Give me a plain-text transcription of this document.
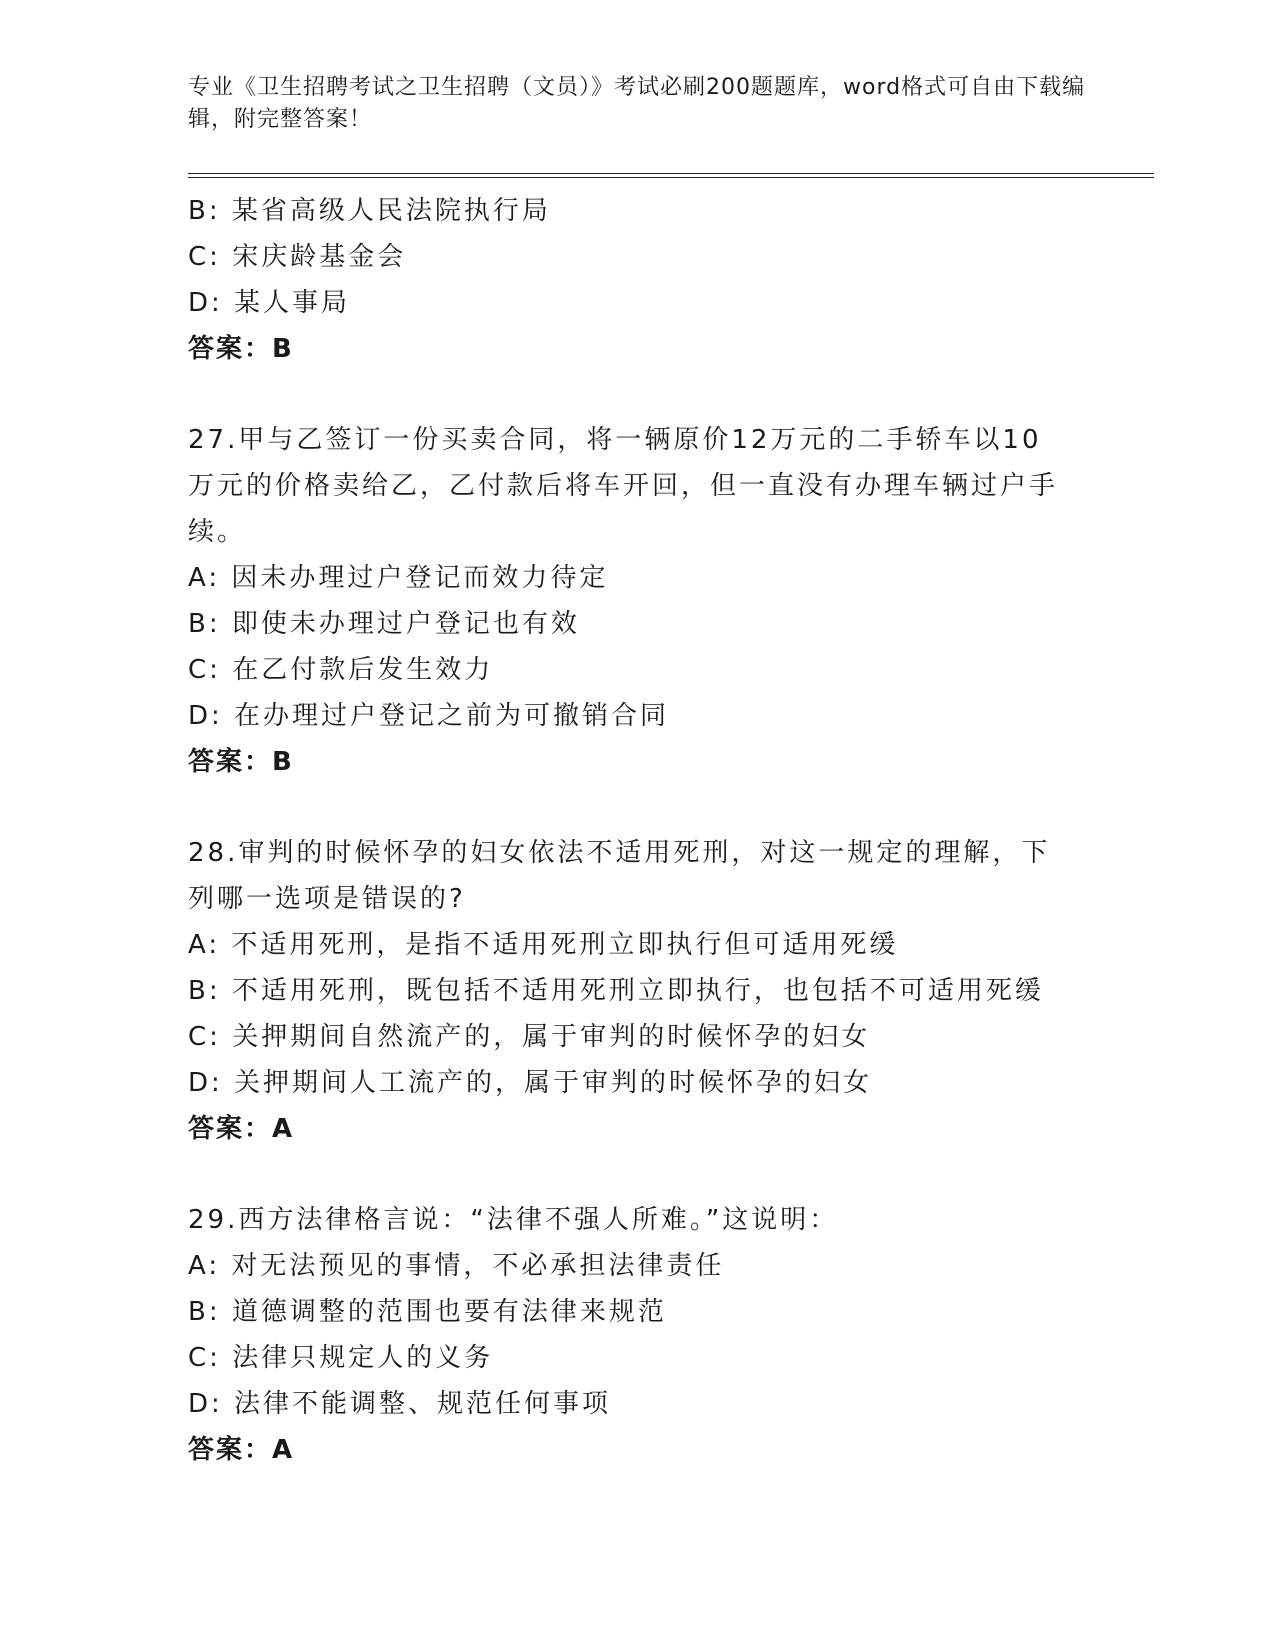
专业《卫生招聘考试之卫生招聘（文员）》考试必刷200题题库，word格式可自由下载编辑，附完整答案！
B: 某省高级人民法院执行局
C: 宋庆龄基金会
D: 某人事局
答案：B
27.甲与乙签订一份买卖合同，将一辆原价12万元的二手轿车以10万元的价格卖给乙，乙付款后将车开回，但一直没有办理车辆过户手续。
A: 因未办理过户登记而效力待定
B: 即使未办理过户登记也有效
C: 在乙付款后发生效力
D: 在办理过户登记之前为可撤销合同
答案：B
28.审判的时候怀孕的妇女依法不适用死刑，对这一规定的理解，下列哪一选项是错误的?
A: 不适用死刑，是指不适用死刑立即执行但可适用死缓
B: 不适用死刑，既包括不适用死刑立即执行，也包括不可适用死缓
C: 关押期间自然流产的，属于审判的时候怀孕的妇女
D: 关押期间人工流产的，属于审判的时候怀孕的妇女
答案：A
29.西方法律格言说：“法律不强人所难。”这说明：
A: 对无法预见的事情，不必承担法律责任
B: 道德调整的范围也要有法律来规范
C: 法律只规定人的义务
D: 法律不能调整、规范任何事项
答案：A
